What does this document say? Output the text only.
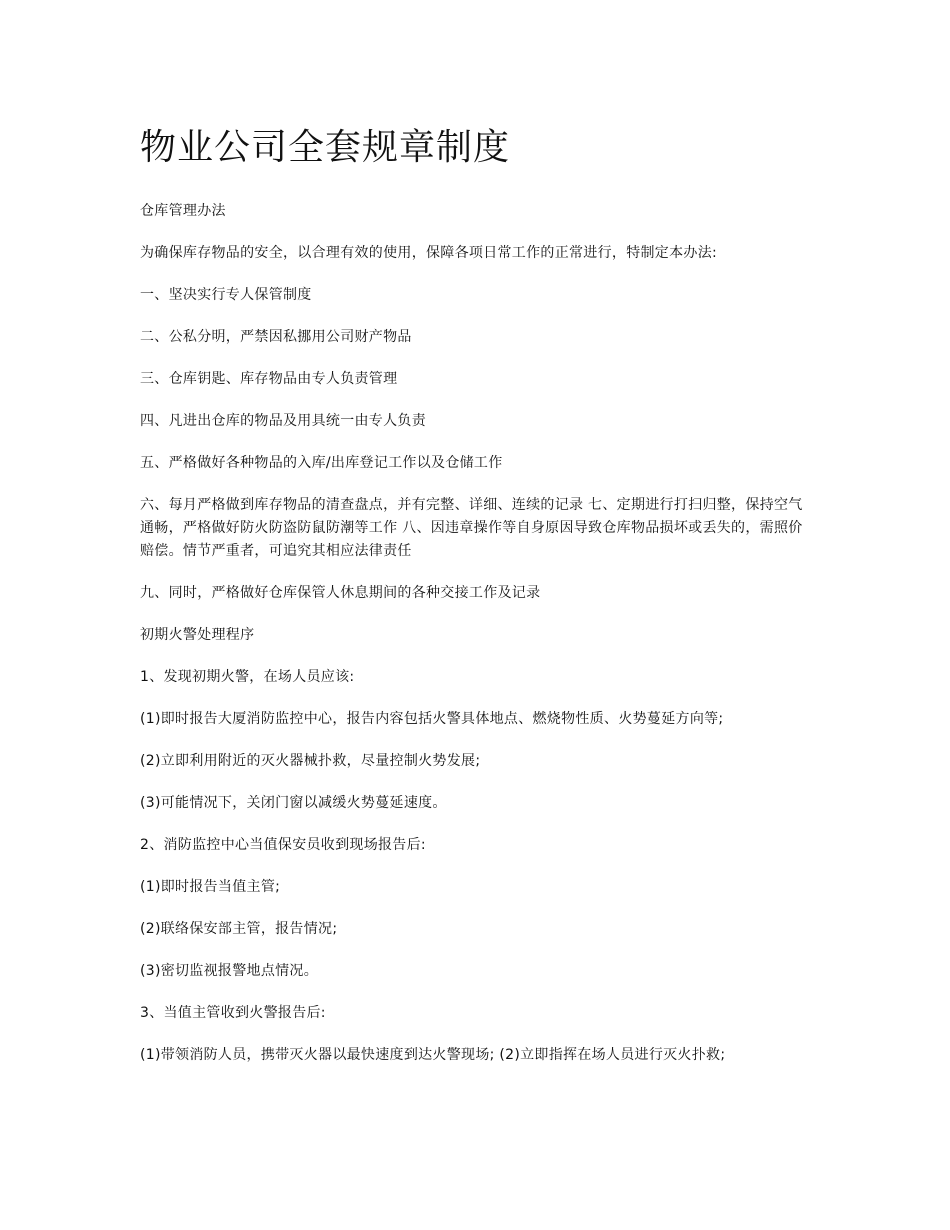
物业公司全套规章制度

仓库管理办法

为确保库存物品的安全，以合理有效的使用，保障各项日常工作的正常进行，特制定本办法:

一、坚决实行专人保管制度

二、公私分明，严禁因私挪用公司财产物品

三、仓库钥匙、库存物品由专人负责管理

四、凡进出仓库的物品及用具统一由专人负责

五、严格做好各种物品的入库/出库登记工作以及仓储工作

六、每月严格做到库存物品的清查盘点，并有完整、详细、连续的记录 七、定期进行打扫归整，保持空气通畅，严格做好防火防盗防鼠防潮等工作 八、因违章操作等自身原因导致仓库物品损坏或丢失的，需照价赔偿。情节严重者，可追究其相应法律责任

九、同时，严格做好仓库保管人休息期间的各种交接工作及记录

初期火警处理程序

1、发现初期火警，在场人员应该:

(1)即时报告大厦消防监控中心，报告内容包括火警具体地点、燃烧物性质、火势蔓延方向等;

(2)立即利用附近的灭火器械扑救，尽量控制火势发展;

(3)可能情况下，关闭门窗以减缓火势蔓延速度。

2、消防监控中心当值保安员收到现场报告后:

(1)即时报告当值主管;

(2)联络保安部主管，报告情况;

(3)密切监视报警地点情况。

3、当值主管收到火警报告后:

(1)带领消防人员，携带灭火器以最快速度到达火警现场; (2)立即指挥在场人员进行灭火扑救;
